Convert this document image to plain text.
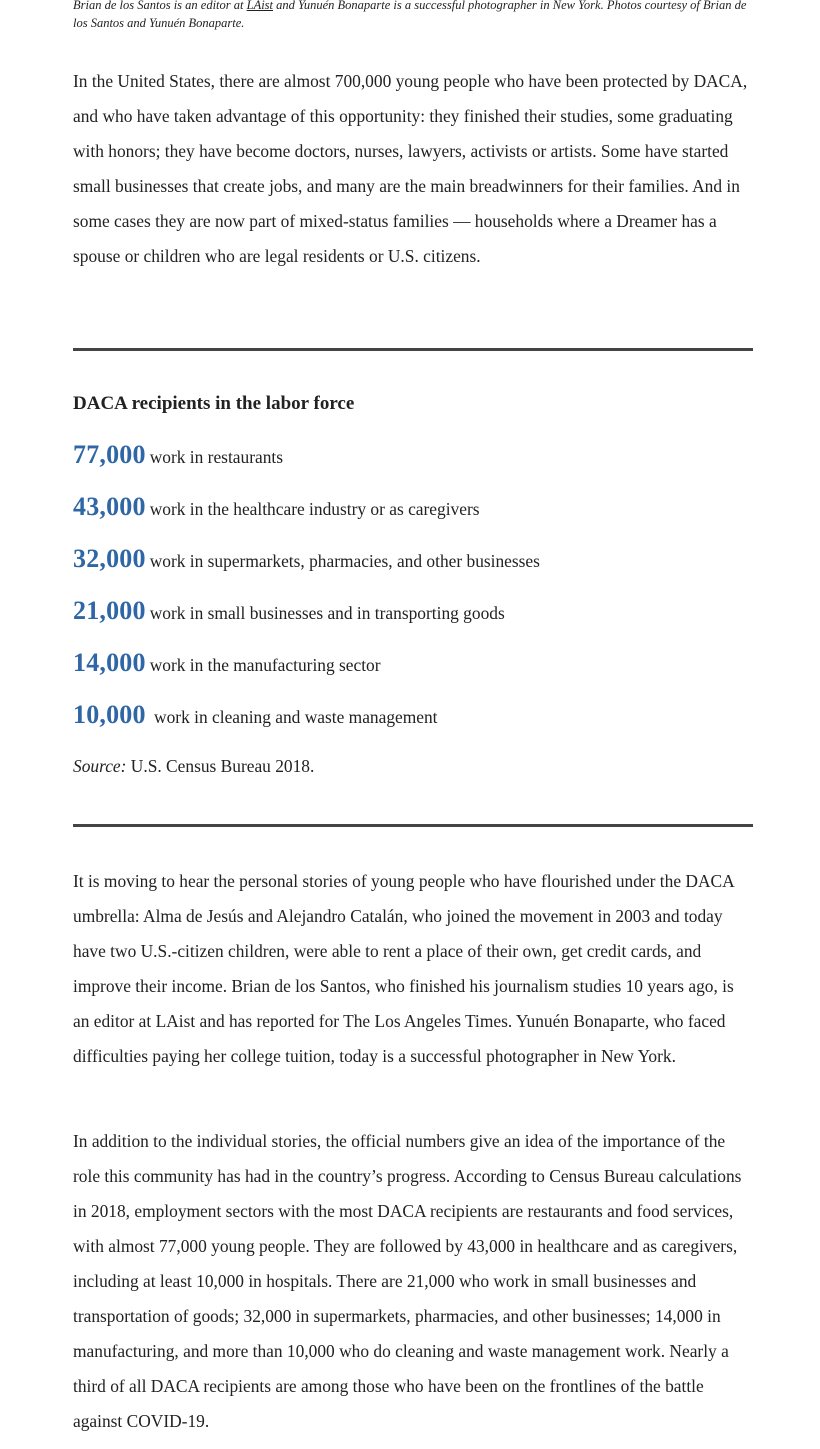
Brian de los Santos is an editor at LAist and Yunuén Bonaparte is a successful photographer in New York. Photos courtesy of Brian de los Santos and Yunuén Bonaparte.

In the United States, there are almost 700,000 young people who have been protected by DACA, and who have taken advantage of this opportunity: they finished their studies, some graduating with honors; they have become doctors, nurses, lawyers, activists or artists. Some have started small businesses that create jobs, and many are the main breadwinners for their families. And in some cases they are now part of mixed-status families — households where a Dreamer has a spouse or children who are legal residents or U.S. citizens.

DACA recipients in the labor force
77,000 work in restaurants
43,000 work in the healthcare industry or as caregivers
32,000 work in supermarkets, pharmacies, and other businesses
21,000 work in small businesses and in transporting goods
14,000 work in the manufacturing sector
10,000 work in cleaning and waste management
Source: U.S. Census Bureau 2018.

It is moving to hear the personal stories of young people who have flourished under the DACA umbrella: Alma de Jesús and Alejandro Catalán, who joined the movement in 2003 and today have two U.S.-citizen children, were able to rent a place of their own, get credit cards, and improve their income. Brian de los Santos, who finished his journalism studies 10 years ago, is an editor at LAist and has reported for The Los Angeles Times. Yunuén Bonaparte, who faced difficulties paying her college tuition, today is a successful photographer in New York.

In addition to the individual stories, the official numbers give an idea of the importance of the role this community has had in the country’s progress. According to Census Bureau calculations in 2018, employment sectors with the most DACA recipients are restaurants and food services, with almost 77,000 young people. They are followed by 43,000 in healthcare and as caregivers, including at least 10,000 in hospitals. There are 21,000 who work in small businesses and transportation of goods; 32,000 in supermarkets, pharmacies, and other businesses; 14,000 in manufacturing, and more than 10,000 who do cleaning and waste management work. Nearly a third of all DACA recipients are among those who have been on the frontlines of the battle against COVID-19.
